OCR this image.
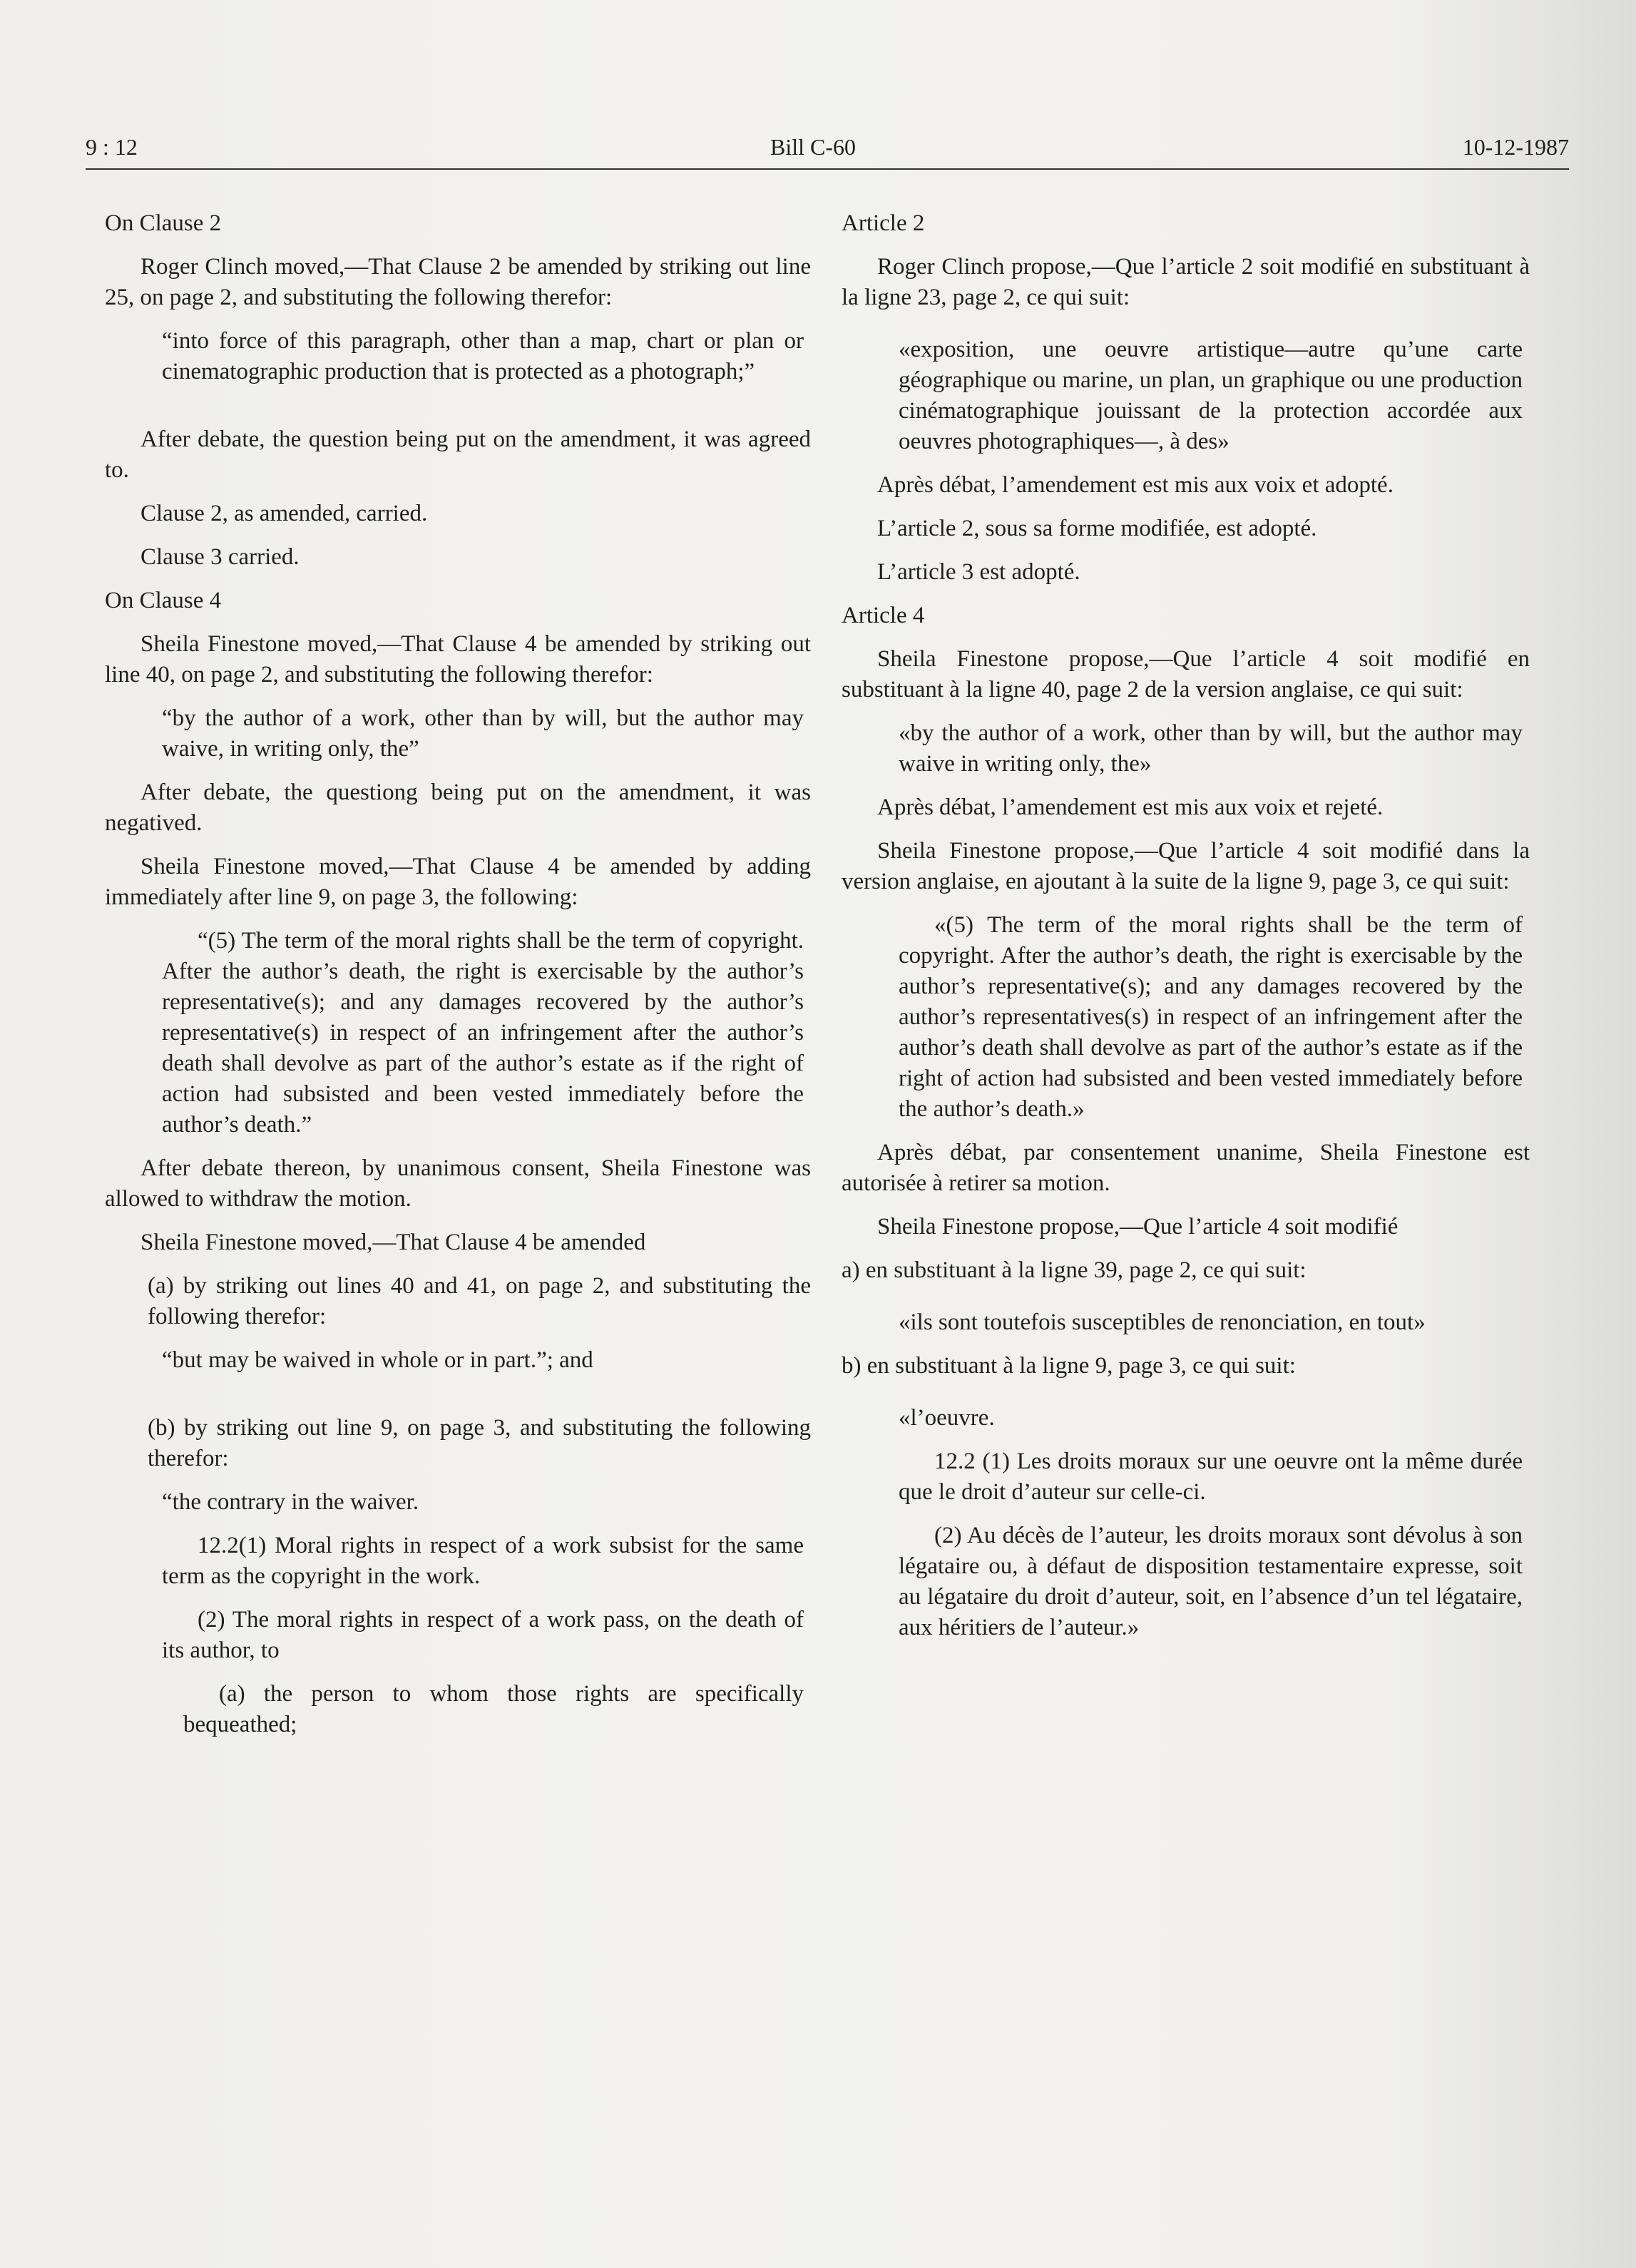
9 : 12	Bill C-60	10-12-1987

On Clause 2

Roger Clinch moved,—That Clause 2 be amended by striking out line 25, on page 2, and substituting the following therefor:

“into force of this paragraph, other than a map, chart or plan or cinematographic production that is protected as a photograph;”

After debate, the question being put on the amendment, it was agreed to.

Clause 2, as amended, carried.

Clause 3 carried.

On Clause 4

Sheila Finestone moved,—That Clause 4 be amended by striking out line 40, on page 2, and substituting the following therefor:

“by the author of a work, other than by will, but the author may waive, in writing only, the”

After debate, the questiong being put on the amendment, it was negatived.

Sheila Finestone moved,—That Clause 4 be amended by adding immediately after line 9, on page 3, the following:

“(5) The term of the moral rights shall be the term of copyright. After the author’s death, the right is exercisable by the author’s representative(s); and any damages recovered by the author’s representative(s) in respect of an infringement after the author’s death shall devolve as part of the author’s estate as if the right of action had subsisted and been vested immediately before the author’s death.”

After debate thereon, by unanimous consent, Sheila Finestone was allowed to withdraw the motion.

Sheila Finestone moved,—That Clause 4 be amended

(a) by striking out lines 40 and 41, on page 2, and substituting the following therefor:

“but may be waived in whole or in part.”; and

(b) by striking out line 9, on page 3, and substituting the following therefor:

“the contrary in the waiver.

12.2(1) Moral rights in respect of a work subsist for the same term as the copyright in the work.

(2) The moral rights in respect of a work pass, on the death of its author, to

(a) the person to whom those rights are specifically bequeathed;

Article 2

Roger Clinch propose,—Que l’article 2 soit modifié en substituant à la ligne 23, page 2, ce qui suit:

«exposition, une oeuvre artistique—autre qu’une carte géographique ou marine, un plan, un graphique ou une production cinématographique jouissant de la protection accordée aux oeuvres photographiques—, à des»

Après débat, l’amendement est mis aux voix et adopté.

L’article 2, sous sa forme modifiée, est adopté.

L’article 3 est adopté.

Article 4

Sheila Finestone propose,—Que l’article 4 soit modifié en substituant à la ligne 40, page 2 de la version anglaise, ce qui suit:

«by the author of a work, other than by will, but the author may waive in writing only, the»

Après débat, l’amendement est mis aux voix et rejeté.

Sheila Finestone propose,—Que l’article 4 soit modifié dans la version anglaise, en ajoutant à la suite de la ligne 9, page 3, ce qui suit:

«(5) The term of the moral rights shall be the term of copyright. After the author’s death, the right is exercisable by the author’s representative(s); and any damages recovered by the author’s representatives(s) in respect of an infringement after the author’s death shall devolve as part of the author’s estate as if the right of action had subsisted and been vested immediately before the author’s death.»

Après débat, par consentement unanime, Sheila Finestone est autorisée à retirer sa motion.

Sheila Finestone propose,—Que l’article 4 soit modifié

a) en substituant à la ligne 39, page 2, ce qui suit:

«ils sont toutefois susceptibles de renonciation, en tout»

b) en substituant à la ligne 9, page 3, ce qui suit:

«l’oeuvre.

12.2 (1) Les droits moraux sur une oeuvre ont la même durée que le droit d’auteur sur celle-ci.

(2) Au décès de l’auteur, les droits moraux sont dévolus à son légataire ou, à défaut de disposition testamentaire expresse, soit au légataire du droit d’auteur, soit, en l’absence d’un tel légataire, aux héritiers de l’auteur.»
